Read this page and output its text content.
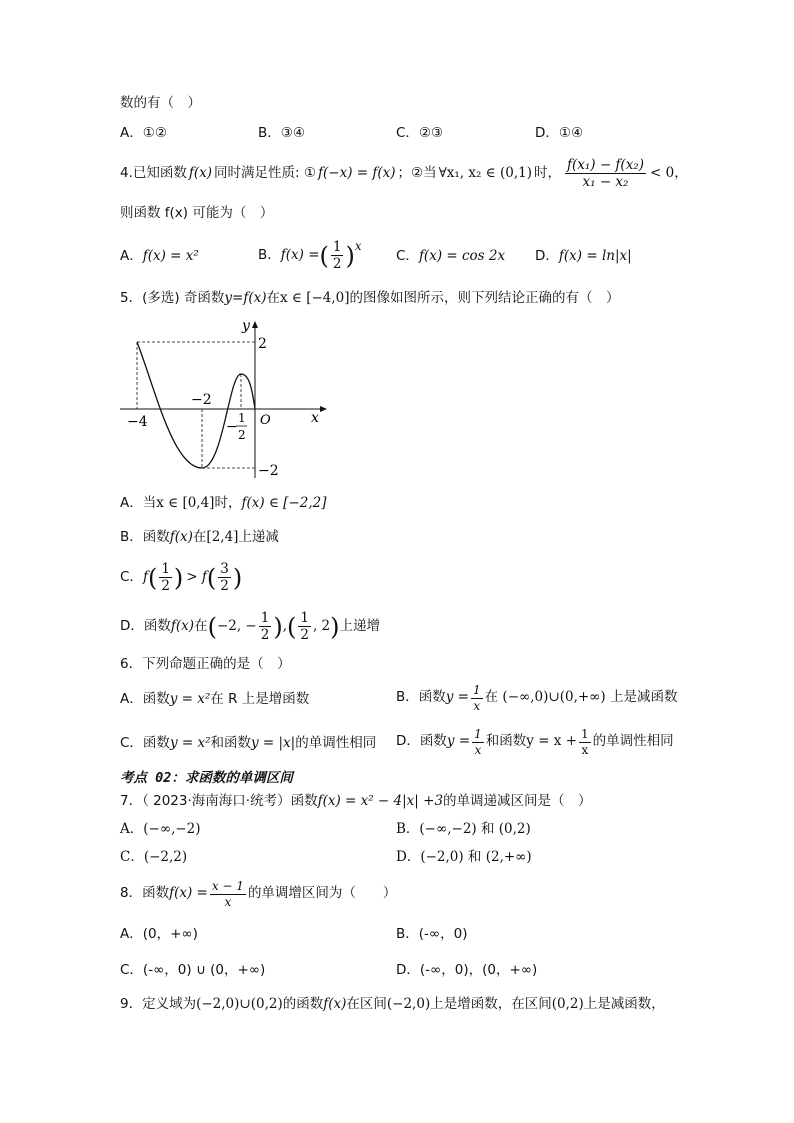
数的有（　）
A．①②	B．③④	C．②③	D．①④
4.已知函数 f(x) 同时满足性质: ① f(−x) = f(x) ；②当 ∀x₁, x₂ ∈ (0,1) 时， $\frac{\text{f(x₁) − f(x₂)}}{\text{x₁ − x₂}} < 0$，
则函数 f(x) 可能为（　）
A．f(x) = x²	B． f(x) = ( $\frac{1}{2}$ ) x
C．f(x) = cos 2x D．f(x) = ln|x|
5．(多选) 奇函数y=f(x)在x ∈ [−4,0]的图像如图所示，则下列结论正确的有（　）
y
x
O
2
−2
−4
−2
−
1
2
A．当x ∈ [0,4]时，f(x) ∈ [−2,2]
B．函数f(x)在[2,4]上递减
C． f ( $\frac{1}{2}$ ) > f ( $\frac{3}{2}$ )
D．函数 f(x) 在 ( −2, − $\frac{1}{2}$ ) , ( $\frac{1}{2}$ , 2 ) 上递增
6．下列命题正确的是（　）
A．函数y = x²在 R 上是增函数	B．函数 $y = \frac{1}{x}$ 在 (−∞,0)∪(0,+∞) 上是减函数
C．函数y = x²和函数y = |x|的单调性相同 D．函数 $y = \frac{1}{x}$ 和函数 $y = x + \frac{1}{x}$ 的单调性相同
考点 02：求函数的单调区间
7．（ 2023·海南海口·统考）函数f(x) = x² − 4|x| +3的单调递减区间是（　）
A．(−∞,−2)	B．(−∞,−2) 和 (0,2)
C．(−2,2)	D．(−2,0) 和 (2,+∞)
8．函数 $f(x) = \frac{x - 1}{x}$ 的单调增区间为（　　）
A．(0，+∞)	B．(-∞，0)
C．(-∞，0) ∪ (0，+∞)	D．(-∞，0)，(0，+∞)
9．定义域为(−2,0)∪(0,2)的函数f(x)在区间(−2,0)上是增函数，在区间(0,2)上是减函数，
